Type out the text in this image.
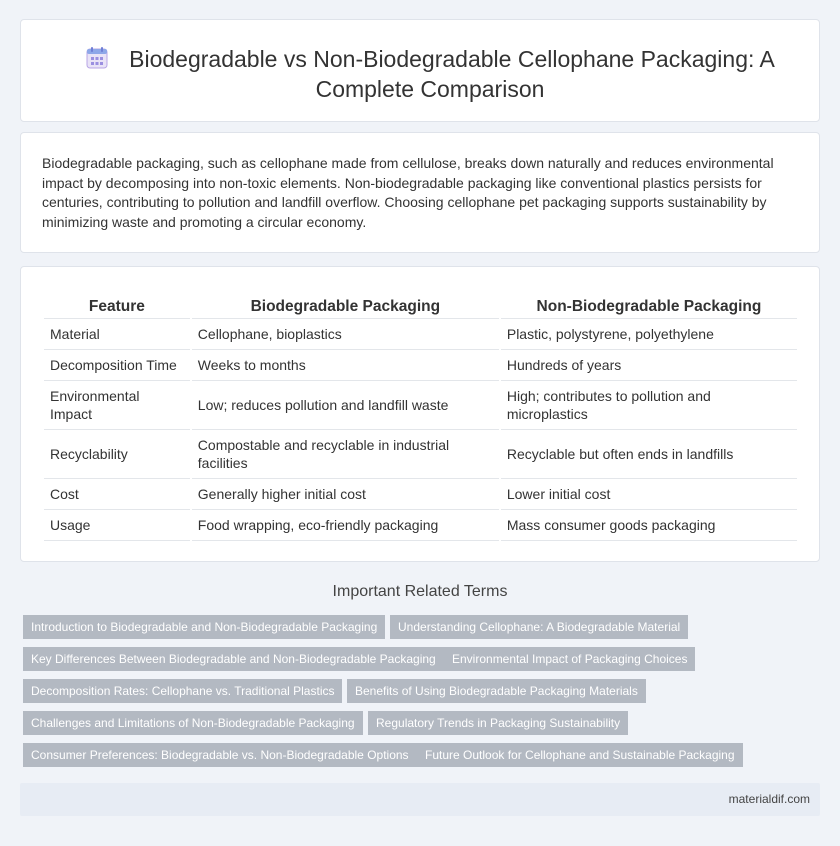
Biodegradable vs Non-Biodegradable Cellophane Packaging: A Complete Comparison

Biodegradable packaging, such as cellophane made from cellulose, breaks down naturally and reduces environmental impact by decomposing into non-toxic elements. Non-biodegradable packaging like conventional plastics persists for centuries, contributing to pollution and landfill overflow. Choosing cellophane pet packaging supports sustainability by minimizing waste and promoting a circular economy.

Feature	Biodegradable Packaging	Non-Biodegradable Packaging
Material	Cellophane, bioplastics	Plastic, polystyrene, polyethylene
Decomposition Time	Weeks to months	Hundreds of years
Environmental Impact	Low; reduces pollution and landfill waste	High; contributes to pollution and microplastics
Recyclability	Compostable and recyclable in industrial facilities	Recyclable but often ends in landfills
Cost	Generally higher initial cost	Lower initial cost
Usage	Food wrapping, eco-friendly packaging	Mass consumer goods packaging
Important Related Terms
Introduction to Biodegradable and Non-Biodegradable Packaging	Understanding Cellophane: A Biodegradable Material
Key Differences Between Biodegradable and Non-Biodegradable Packaging	Environmental Impact of Packaging Choices
Decomposition Rates: Cellophane vs. Traditional Plastics	Benefits of Using Biodegradable Packaging Materials
Challenges and Limitations of Non-Biodegradable Packaging	Regulatory Trends in Packaging Sustainability
Consumer Preferences: Biodegradable vs. Non-Biodegradable Options	Future Outlook for Cellophane and Sustainable Packaging
materialdif.com
